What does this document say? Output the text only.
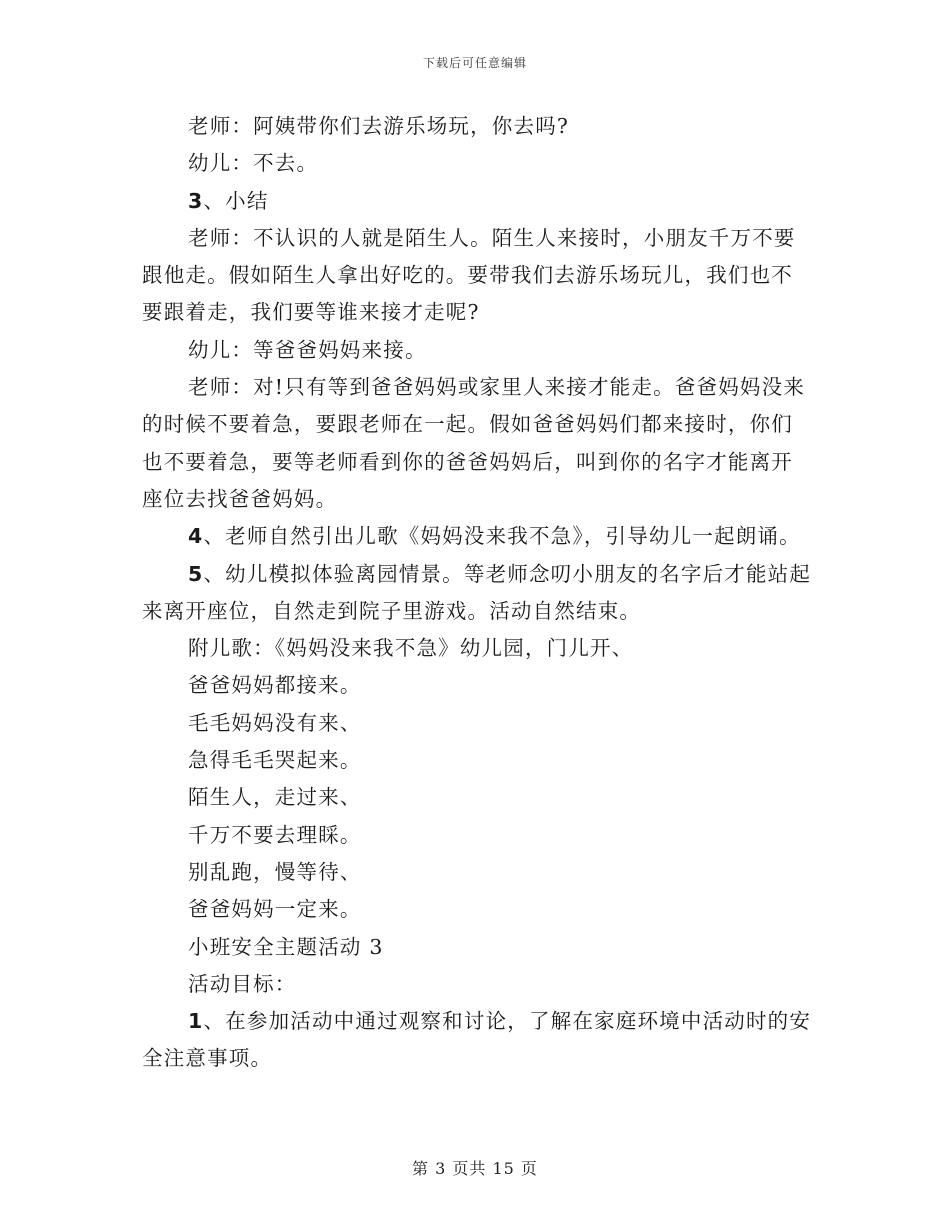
下载后可任意编辑
老师：阿姨带你们去游乐场玩，你去吗?
幼儿：不去。
3、小结
老师：不认识的人就是陌生人。陌生人来接时，小朋友千万不要
跟他走。假如陌生人拿出好吃的。要带我们去游乐场玩儿，我们也不
要跟着走，我们要等谁来接才走呢?
幼儿：等爸爸妈妈来接。
老师：对!只有等到爸爸妈妈或家里人来接才能走。爸爸妈妈没来
的时候不要着急，要跟老师在一起。假如爸爸妈妈们都来接时，你们
也不要着急，要等老师看到你的爸爸妈妈后，叫到你的名字才能离开
座位去找爸爸妈妈。
4、老师自然引出儿歌《妈妈没来我不急》，引导幼儿一起朗诵。
5、幼儿模拟体验离园情景。等老师念叨小朋友的名字后才能站起
来离开座位，自然走到院子里游戏。活动自然结束。
附儿歌：《妈妈没来我不急》幼儿园，门儿开、
爸爸妈妈都接来。
毛毛妈妈没有来、
急得毛毛哭起来。
陌生人，走过来、
千万不要去理睬。
别乱跑，慢等待、
爸爸妈妈一定来。
小班安全主题活动 3
活动目标：
1、在参加活动中通过观察和讨论，了解在家庭环境中活动时的安
全注意事项。
第 3 页共 15 页
